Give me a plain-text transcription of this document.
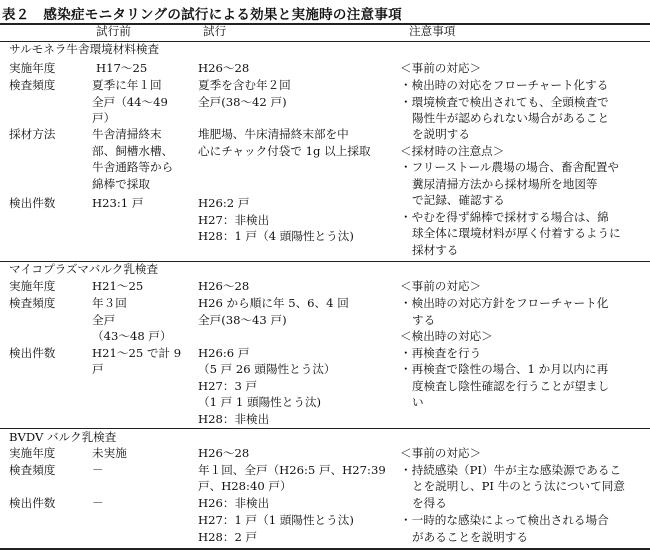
表２　感染症モニタリングの試行による効果と実施時の注意事項
試行前	試行	注意事項
サルモネラ牛舎環境材料検査
実施年度
検査頻度
採材方法
検出件数
H17～25
夏季に年１回
全戸（44～49
戸）
牛舎清掃終末
部、飼槽水槽、
牛舎通路等から
綿棒で採取
H23:1 戸
H26～28
夏季を含む年２回
全戸(38～42 戸)
堆肥場、牛床清掃終末部を中
心にチャック付袋で 1g 以上採取
H26:2 戸
H27：非検出
H28：1 戸（4 頭陽性とう汰)
＜事前の対応＞
・検出時の対応をフローチャート化する
・環境検査で検出されても、全頭検査で
陽性牛が認められない場合があること
を説明する
＜採材時の注意点＞
・フリーストール農場の場合、畜舎配置や
糞尿清掃方法から採材場所を地図等
で記録、確認する
・やむを得ず綿棒で採材する場合は、綿
球全体に環境材料が厚く付着するように
採材する
マイコプラズマバルク乳検査
実施年度
検査頻度
検出件数
H21～25
年３回
全戸
（43～48 戸）
H21～25 で計 9
戸
H26～28
H26 から順に年 5、6、4 回
全戸(38～43 戸)
H26:6 戸
（5 戸 26 頭陽性とう汰）
H27：3 戸
（1 戸 1 頭陽性とう汰)
H28：非検出
＜事前の対応＞
・検出時の対応方針をフローチャート化
する
＜検出時の対応＞
・再検査を行う
・再検査で陰性の場合、1 か月以内に再
度検査し陰性確認を行うことが望まし
い
BVDV バルク乳検査
実施年度
検査頻度
検出件数
未実施
－
－
H26～28
年１回、全戸（H26:5 戸、H27:39
戸、H28:40 戸）
H26：非検出
H27：1 戸（1 頭陽性とう汰)
H28：2 戸
＜事前の対応＞
・持続感染（PI）牛が主な感染源であるこ
とを説明し、PI 牛のとう汰について同意
を得る
・一時的な感染によって検出される場合
があることを説明する
